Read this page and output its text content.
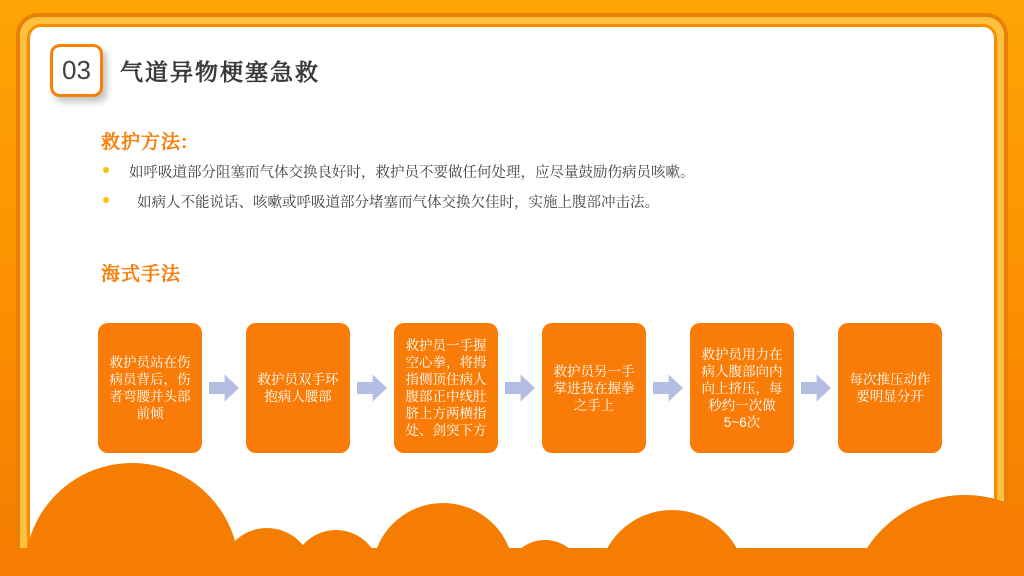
03 气道异物梗塞急救
救护方法:
如呼吸道部分阻塞而气体交换良好时，救护员不要做任何处理，应尽量鼓励伤病员咳嗽。
如病人不能说话、咳嗽或呼吸道部分堵塞而气体交换欠佳时，实施上腹部冲击法。
海式手法
救护员站在伤病员背后，伤者弯腰并头部前倾
救护员双手环抱病人腰部
救护员一手握空心拳，将拇指侧顶住病人腹部正中线肚脐上方两横指处、剑突下方
救护员另一手掌进我在握拳之手上
救护员用力在病人腹部向内向上挤压，每秒约一次做5~6次
每次推压动作要明显分开
